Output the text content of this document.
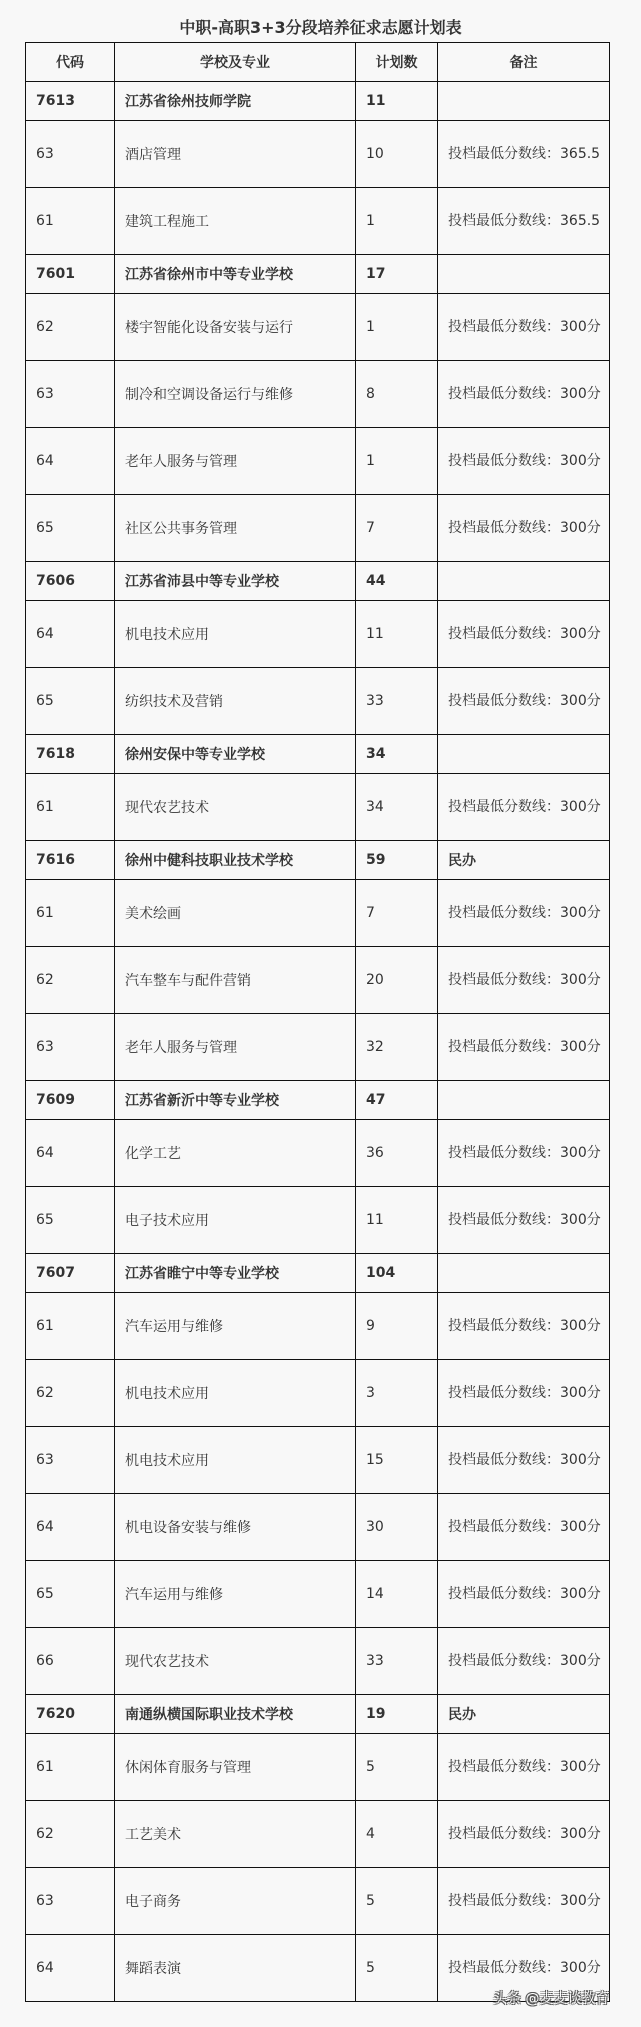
中职-高职3+3分段培养征求志愿计划表
代码	学校及专业	计划数	备注
7613	江苏省徐州技师学院	11	
63	酒店管理	10	投档最低分数线：365.5
61	建筑工程施工	1	投档最低分数线：365.5
7601	江苏省徐州市中等专业学校	17	
62	楼宇智能化设备安装与运行	1	投档最低分数线：300分
63	制冷和空调设备运行与维修	8	投档最低分数线：300分
64	老年人服务与管理	1	投档最低分数线：300分
65	社区公共事务管理	7	投档最低分数线：300分
7606	江苏省沛县中等专业学校	44	
64	机电技术应用	11	投档最低分数线：300分
65	纺织技术及营销	33	投档最低分数线：300分
7618	徐州安保中等专业学校	34	
61	现代农艺技术	34	投档最低分数线：300分
7616	徐州中健科技职业技术学校	59	民办
61	美术绘画	7	投档最低分数线：300分
62	汽车整车与配件营销	20	投档最低分数线：300分
63	老年人服务与管理	32	投档最低分数线：300分
7609	江苏省新沂中等专业学校	47	
64	化学工艺	36	投档最低分数线：300分
65	电子技术应用	11	投档最低分数线：300分
7607	江苏省睢宁中等专业学校	104	
61	汽车运用与维修	9	投档最低分数线：300分
62	机电技术应用	3	投档最低分数线：300分
63	机电技术应用	15	投档最低分数线：300分
64	机电设备安装与维修	30	投档最低分数线：300分
65	汽车运用与维修	14	投档最低分数线：300分
66	现代农艺技术	33	投档最低分数线：300分
7620	南通纵横国际职业技术学校	19	民办
61	休闲体育服务与管理	5	投档最低分数线：300分
62	工艺美术	4	投档最低分数线：300分
63	电子商务	5	投档最低分数线：300分
64	舞蹈表演	5	投档最低分数线：300分
头条 @麦麦谈教育
